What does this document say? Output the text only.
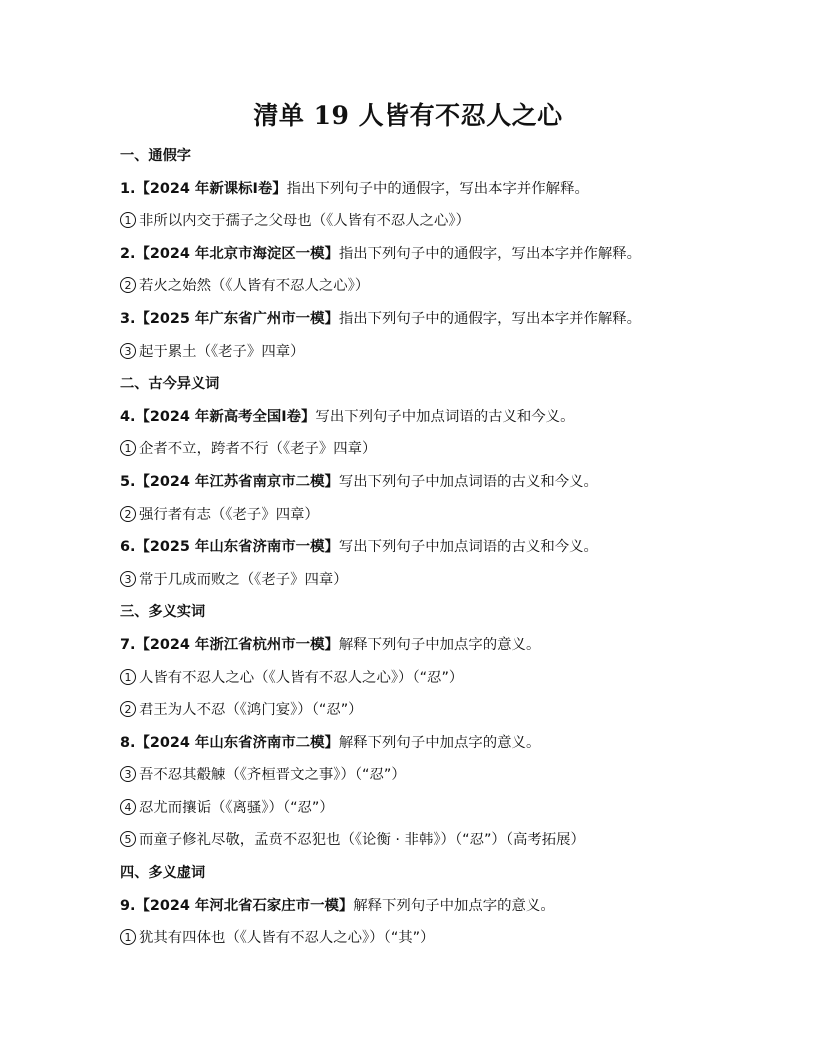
清单 19 人皆有不忍人之心
一、通假字
1.【2024 年新课标Ⅰ卷】指出下列句子中的通假字，写出本字并作解释。
1 非所以内交于孺子之父母也（《人皆有不忍人之心》）
2.【2024 年北京市海淀区一模】指出下列句子中的通假字，写出本字并作解释。
2 若火之始然（《人皆有不忍人之心》）
3.【2025 年广东省广州市一模】指出下列句子中的通假字，写出本字并作解释。
3 起于累土（《老子》四章）
二、古今异义词
4.【2024 年新高考全国Ⅰ卷】写出下列句子中加点词语的古义和今义。
1 企者不立，跨者不行（《老子》四章）
5.【2024 年江苏省南京市二模】写出下列句子中加点词语的古义和今义。
2 强行者有志（《老子》四章）
6.【2025 年山东省济南市一模】写出下列句子中加点词语的古义和今义。
3 常于几成而败之（《老子》四章）
三、多义实词
7.【2024 年浙江省杭州市一模】解释下列句子中加点字的意义。
1 人皆有不忍人之心（《人皆有不忍人之心》）（“忍”）
2 君王为人不忍（《鸿门宴》）（“忍”）
8.【2024 年山东省济南市二模】解释下列句子中加点字的意义。
3 吾不忍其觳觫（《齐桓晋文之事》）（“忍”）
4 忍尤而攘诟（《离骚》）（“忍”）
5 而童子修礼尽敬，孟贲不忍犯也（《论衡 · 非韩》）（“忍”）（高考拓展）
四、多义虚词
9.【2024 年河北省石家庄市一模】解释下列句子中加点字的意义。
1 犹其有四体也（《人皆有不忍人之心》）（“其”）
